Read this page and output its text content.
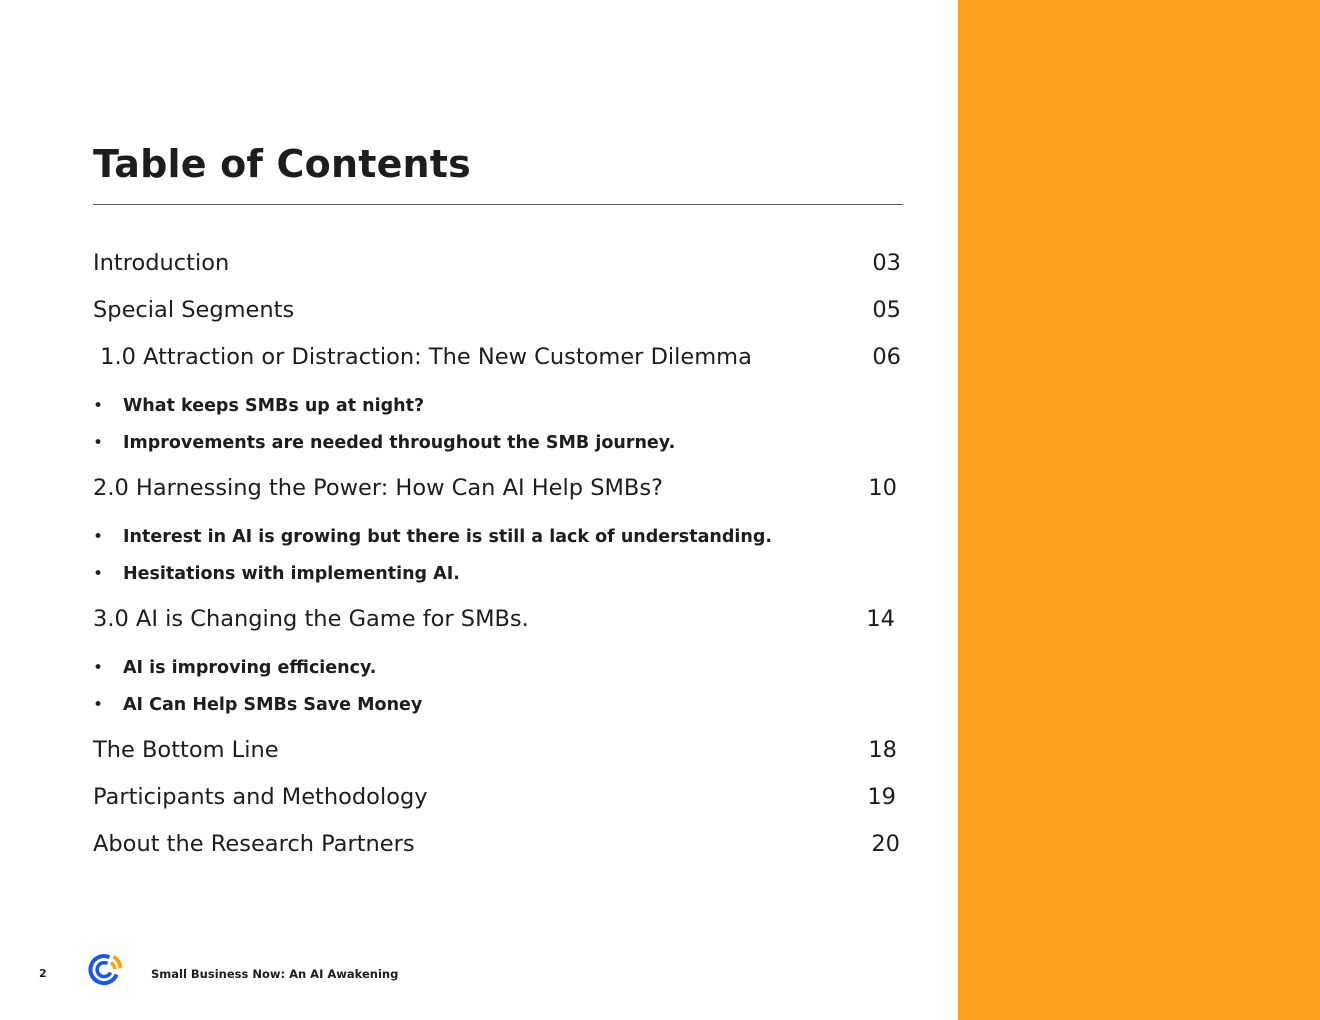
Table of Contents
Introduction	03
Special Segments	05
1.0 Attraction or Distraction: The New Customer Dilemma	06
• What keeps SMBs up at night?
• Improvements are needed throughout the SMB journey.
2.0 Harnessing the Power: How Can AI Help SMBs?	10
• Interest in AI is growing but there is still a lack of understanding.
• Hesitations with implementing AI.
3.0 AI is Changing the Game for SMBs.	14
• AI is improving efficiency.
• AI Can Help SMBs Save Money
The Bottom Line	18
Participants and Methodology	19
About the Research Partners	20
2	Small Business Now: An AI Awakening
